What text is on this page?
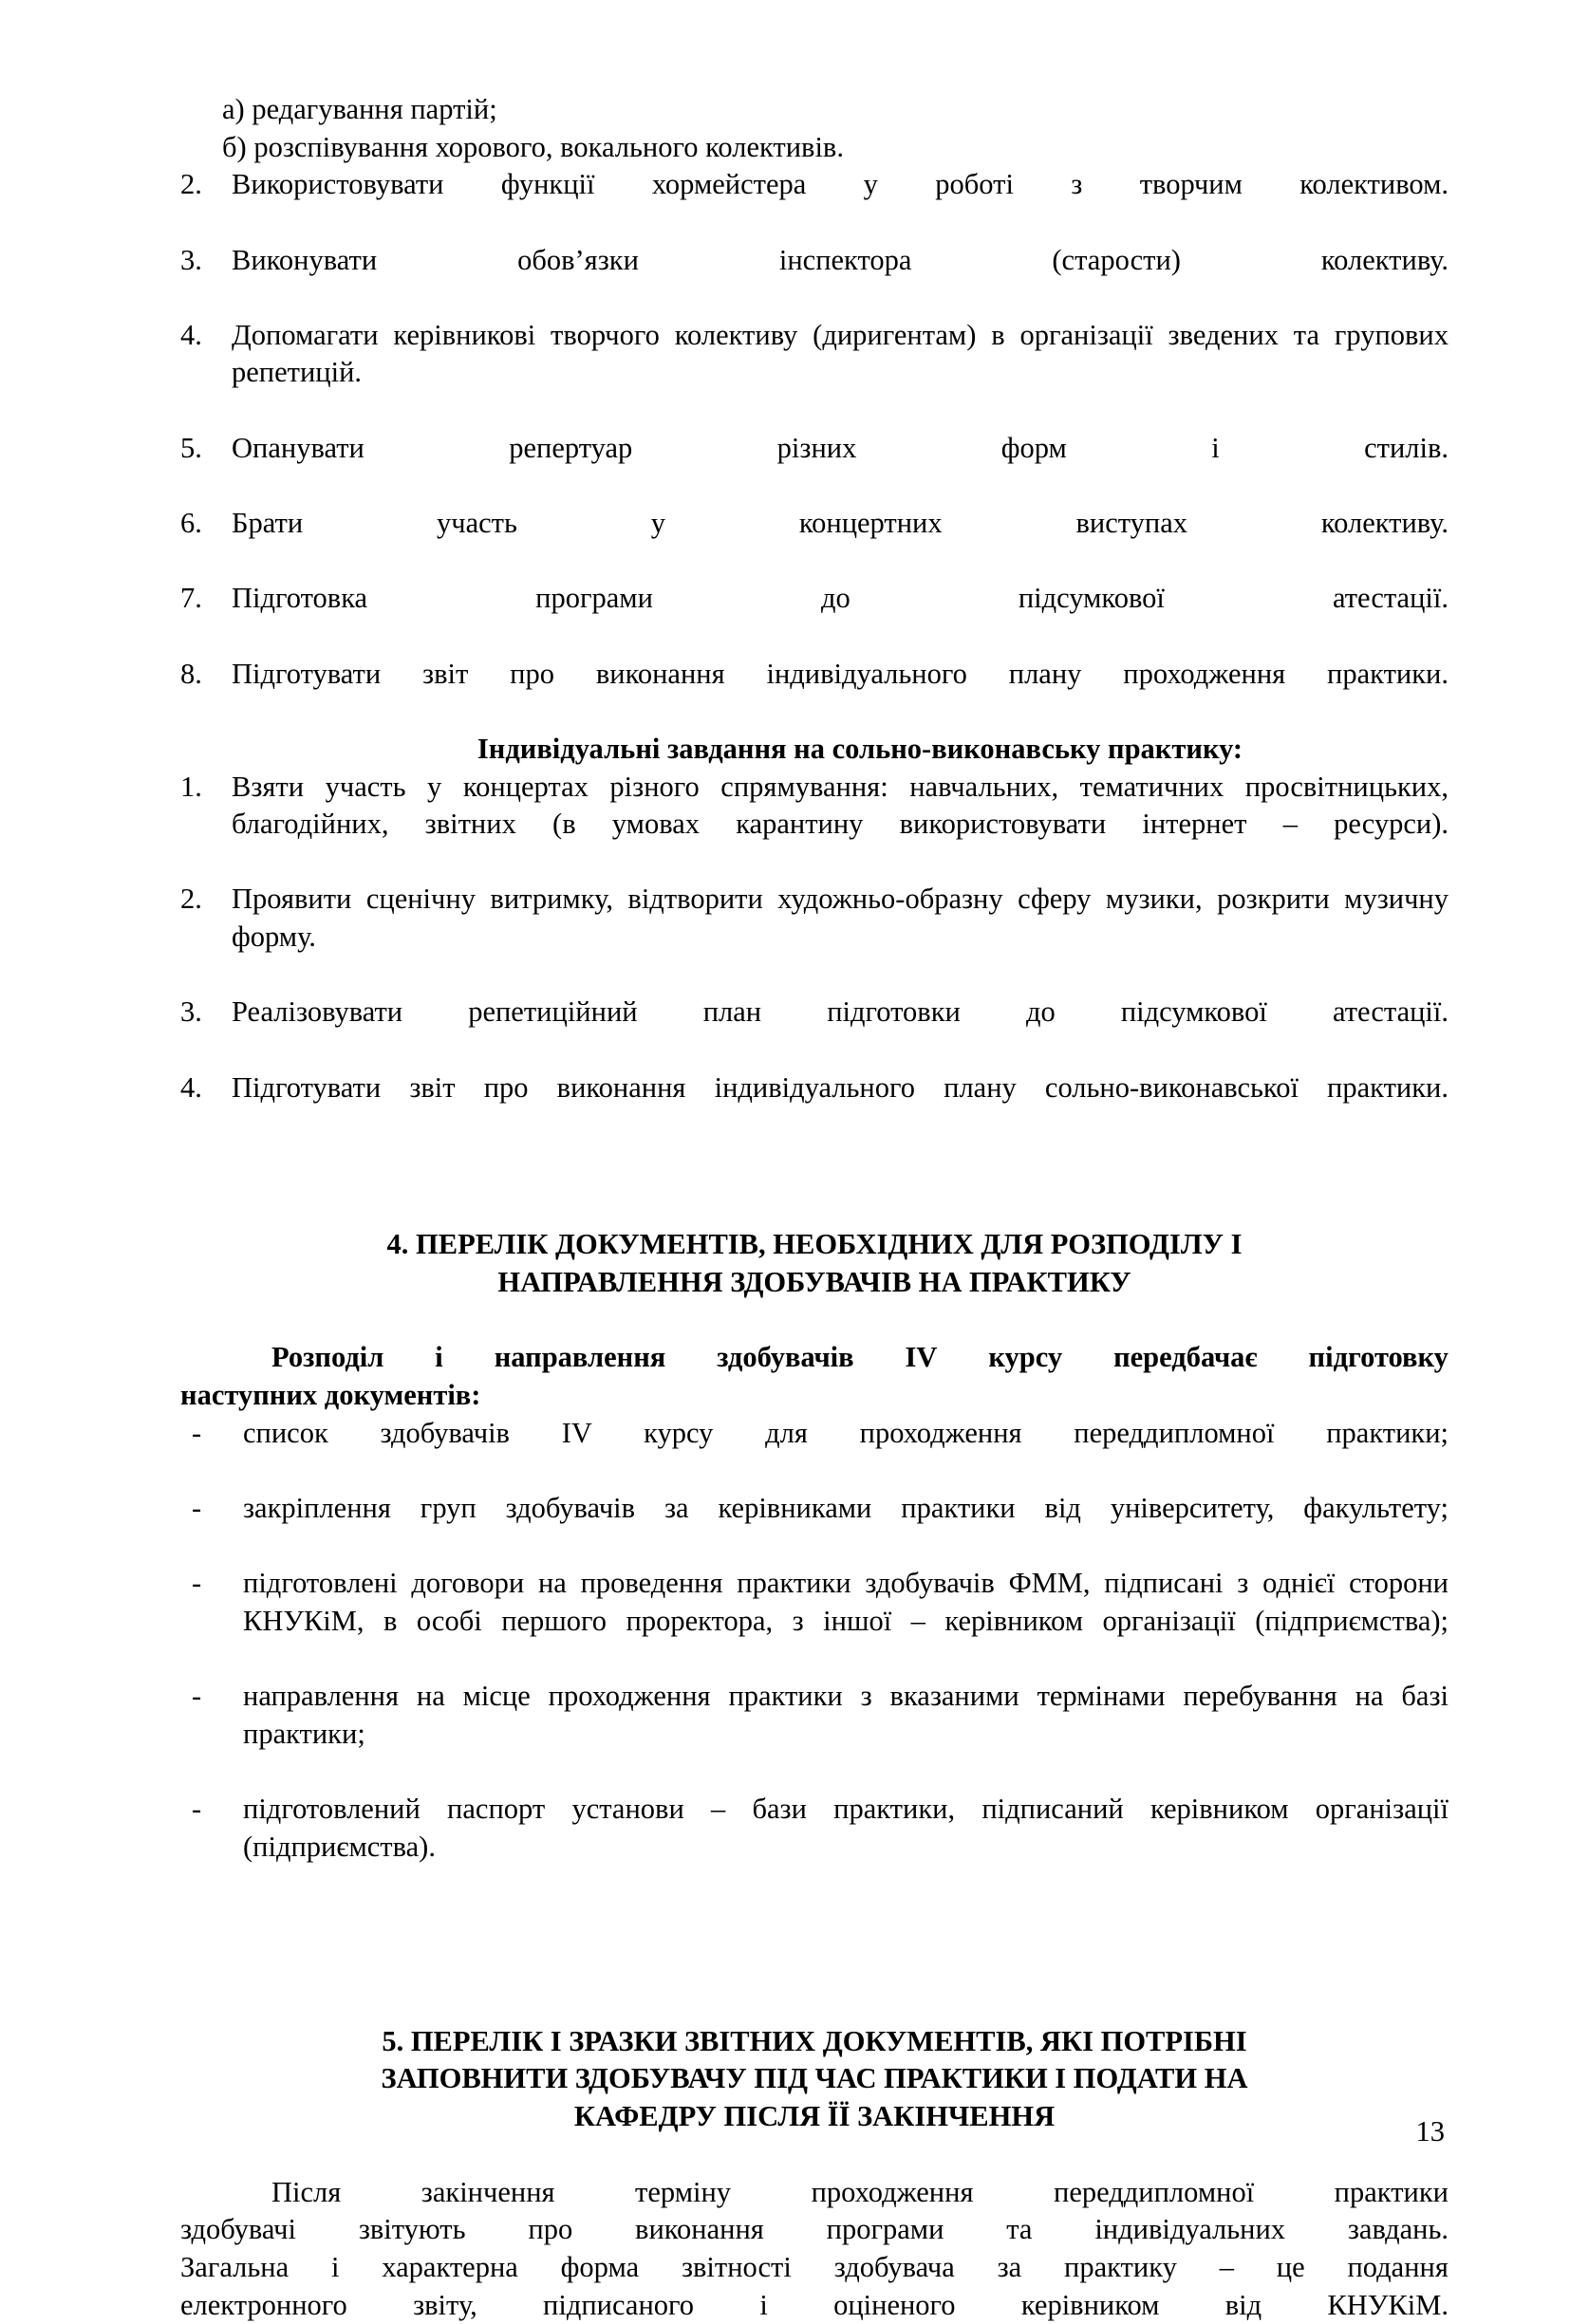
а) редагування партій;

б) розспівування хорового, вокального колективів.

2.	Використовувати функції хормейстера у роботі з творчим колективом.
3.	Виконувати обов’язки інспектора (старости) колективу.
4.	Допомагати керівникові творчого колективу (диригентам) в організації зведених та групових репетицій.
5.	Опанувати репертуар різних форм і стилів.
6.	Брати участь у концертних виступах колективу.
7.	Підготовка програми до підсумкової атестації.
8.	Підготувати звіт про виконання індивідуального плану проходження практики.

Індивідуальні завдання на сольно-виконавську практику:

1.	Взяти участь у концертах різного спрямування: навчальних, тематичних просвітницьких, благодійних, звітних (в умовах карантину використовувати інтернет – ресурси).
2.	Проявити сценічну витримку, відтворити художньо-образну сферу музики, розкрити музичну форму.
3.	Реалізовувати репетиційний план підготовки до підсумкової атестації.
4.	Підготувати звіт про виконання індивідуального плану сольно-виконавської практики.
4. ПЕРЕЛІК ДОКУМЕНТІВ, НЕОБХІДНИХ ДЛЯ РОЗПОДІЛУ І
НАПРАВЛЕННЯ ЗДОБУВАЧІВ НА ПРАКТИКУ

Розподіл і направлення здобувачів IV курсу передбачає підготовку

наступних документів:

-	список здобувачів IV курсу для проходження переддипломної практики;
-	закріплення груп здобувачів за керівниками практики від університету, факультету;
-	підготовлені договори на проведення практики здобувачів ФММ, підписані з однієї сторони КНУКіМ, в особі першого проректора, з іншої – керівником організації (підприємства);
-	направлення на місце проходження практики з вказаними термінами перебування на базі практики;
-	підготовлений паспорт установи – бази практики, підписаний керівником організації (підприємства).
5. ПЕРЕЛІК І ЗРАЗКИ ЗВІТНИХ ДОКУМЕНТІВ, ЯКІ ПОТРІБНІ
ЗАПОВНИТИ ЗДОБУВАЧУ ПІД ЧАС ПРАКТИКИ І ПОДАТИ НА
КАФЕДРУ ПІСЛЯ ЇЇ ЗАКІНЧЕННЯ

Після	закінчення	терміну	проходження	переддипломної	практики

здобувачі звітують про виконання програми та індивідуальних завдань.

Загальна і характерна форма звітності здобувача за практику – це подання

електронного звіту, підписаного і оціненого керівником від КНУКіМ.

13
